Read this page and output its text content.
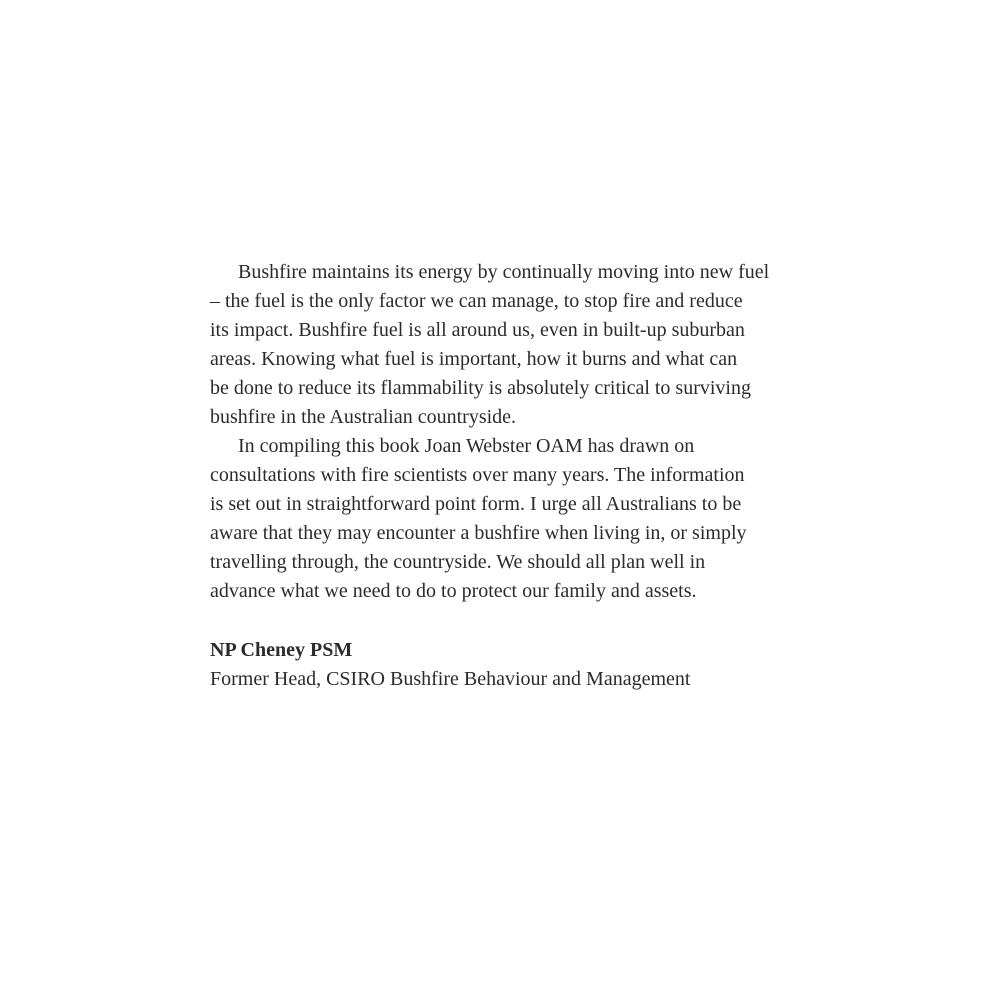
Bushfire maintains its energy by continually moving into new fuel
– the fuel is the only factor we can manage, to stop fire and reduce
its impact. Bushfire fuel is all around us, even in built-up suburban
areas. Knowing what fuel is important, how it burns and what can
be done to reduce its flammability is absolutely critical to surviving
bushfire in the Australian countryside.
In compiling this book Joan Webster OAM has drawn on
consultations with fire scientists over many years. The information
is set out in straightforward point form. I urge all Australians to be
aware that they may encounter a bushfire when living in, or simply
travelling through, the countryside. We should all plan well in
advance what we need to do to protect our family and assets.
NP Cheney PSM
Former Head, CSIRO Bushfire Behaviour and Management
